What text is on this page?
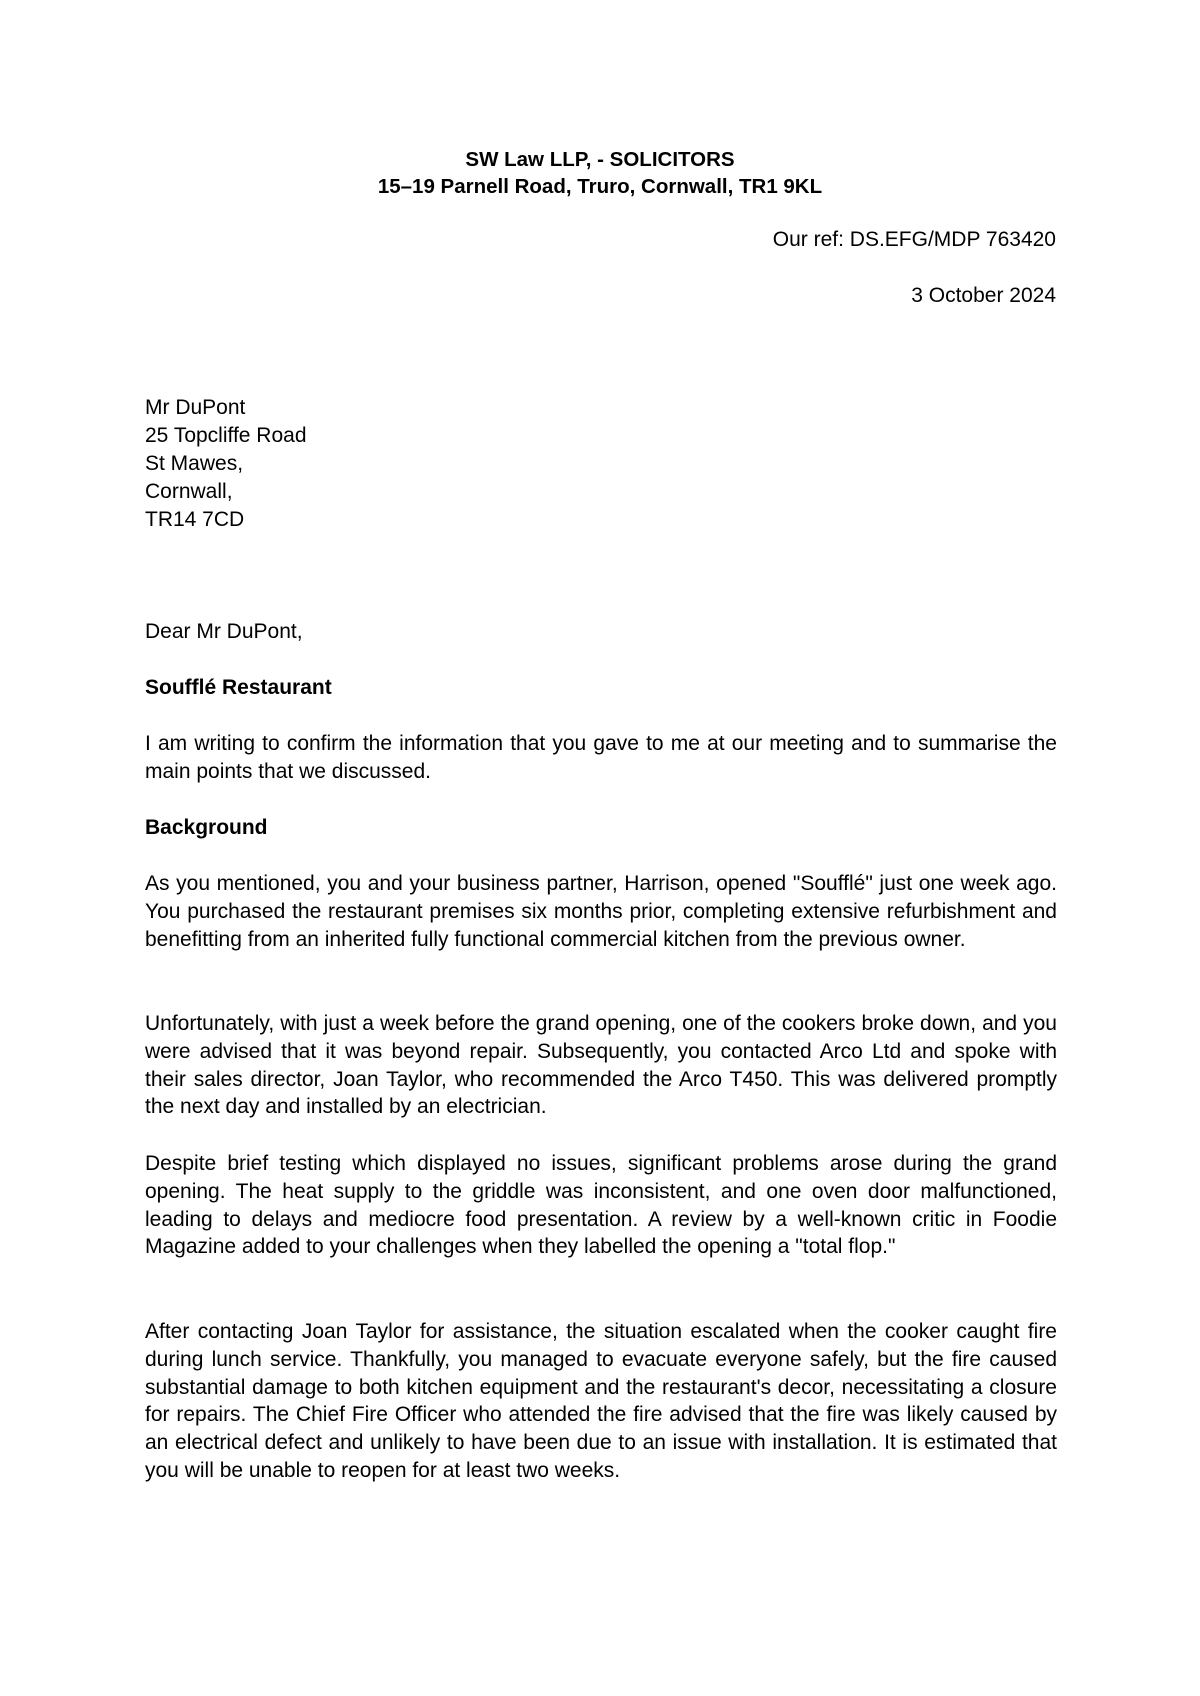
SW Law LLP, - SOLICITORS
15–19 Parnell Road, Truro, Cornwall, TR1 9KL
Our ref: DS.EFG/MDP 763420
3 October 2024
Mr DuPont
25 Topcliffe Road
St Mawes,
Cornwall,
TR14 7CD
Dear Mr DuPont,
Soufflé Restaurant
I am writing to confirm the information that you gave to me at our meeting and to summarise the main points that we discussed.
Background
As you mentioned, you and your business partner, Harrison, opened "Soufflé" just one week ago. You purchased the restaurant premises six months prior, completing extensive refurbishment and benefitting from an inherited fully functional commercial kitchen from the previous owner.
Unfortunately, with just a week before the grand opening, one of the cookers broke down, and you were advised that it was beyond repair. Subsequently, you contacted Arco Ltd and spoke with their sales director, Joan Taylor, who recommended the Arco T450. This was delivered promptly the next day and installed by an electrician.
Despite brief testing which displayed no issues, significant problems arose during the grand opening. The heat supply to the griddle was inconsistent, and one oven door malfunctioned, leading to delays and mediocre food presentation. A review by a well-known critic in Foodie Magazine added to your challenges when they labelled the opening a "total flop."
After contacting Joan Taylor for assistance, the situation escalated when the cooker caught fire during lunch service. Thankfully, you managed to evacuate everyone safely, but the fire caused substantial damage to both kitchen equipment and the restaurant's decor, necessitating a closure for repairs. The Chief Fire Officer who attended the fire advised that the fire was likely caused by an electrical defect and unlikely to have been due to an issue with installation. It is estimated that you will be unable to reopen for at least two weeks.
